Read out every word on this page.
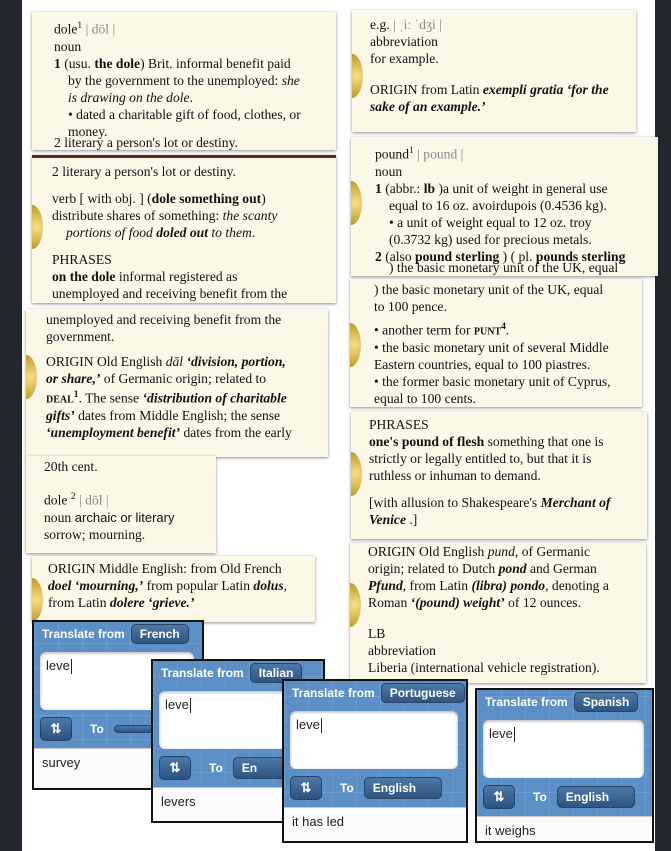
dole$^1$ | dōl |

noun

1 (usu. the dole) Brit. informal benefit paid

by the government to the unemployed: she

is drawing on the dole.

• dated a charitable gift of food, clothes, or

money.

2 literary a person's lot or destiny.

2 literary a person's lot or destiny.

verb [ with obj. ] (dole something out)

distribute shares of something: the scanty

portions of food doled out to them.

PHRASES

on the dole informal registered as

unemployed and receiving benefit from the

unemployed and receiving benefit from the

government.

ORIGIN Old English dāl ‘division, portion,

or share,’ of Germanic origin; related to

deal$^1$. The sense ‘distribution of charitable

gifts’ dates from Middle English; the sense

‘unemployment benefit’ dates from the early

20th cent.

dole $^2$ | dōl |

noun archaic or literary

sorrow; mourning.

ORIGIN Middle English: from Old French

doel ‘mourning,’ from popular Latin dolus,

from Latin dolere ‘grieve.’

e.g. | ˌiː ˈdʒi |

abbreviation

for example.

ORIGIN from Latin exempli gratia ‘for the

sake of an example.’

pound$^1$ | pound |

noun

1 (abbr.: lb )a unit of weight in general use

equal to 16 oz. avoirdupois (0.4536 kg).

• a unit of weight equal to 12 oz. troy

(0.3732 kg) used for precious metals.

2 (also pound sterling ) ( pl. pounds sterling

) the basic monetary unit of the UK, equal

) the basic monetary unit of the UK, equal

to 100 pence.

• another term for punt$^4$.

• the basic monetary unit of several Middle

Eastern countries, equal to 100 piastres.

• the former basic monetary unit of Cyprus,

equal to 100 cents.

PHRASES

one's pound of flesh something that one is

strictly or legally entitled to, but that it is

ruthless or inhuman to demand.

[with allusion to Shakespeare's Merchant of

Venice .]

ORIGIN Old English pund, of Germanic

origin; related to Dutch pond and German

Pfund, from Latin (libra) pondo, denoting a

Roman ‘(pound) weight’ of 12 ounces.

LB

abbreviation

Liberia (international vehicle registration).

Translate from	French
leve
⇅	To
survey
Translate from	Italian
leve
⇅	To	En
levers
Translate from	Portuguese
leve
⇅	To	English
it has led
Translate from	Spanish
leve
⇅	To	English
it weighs
